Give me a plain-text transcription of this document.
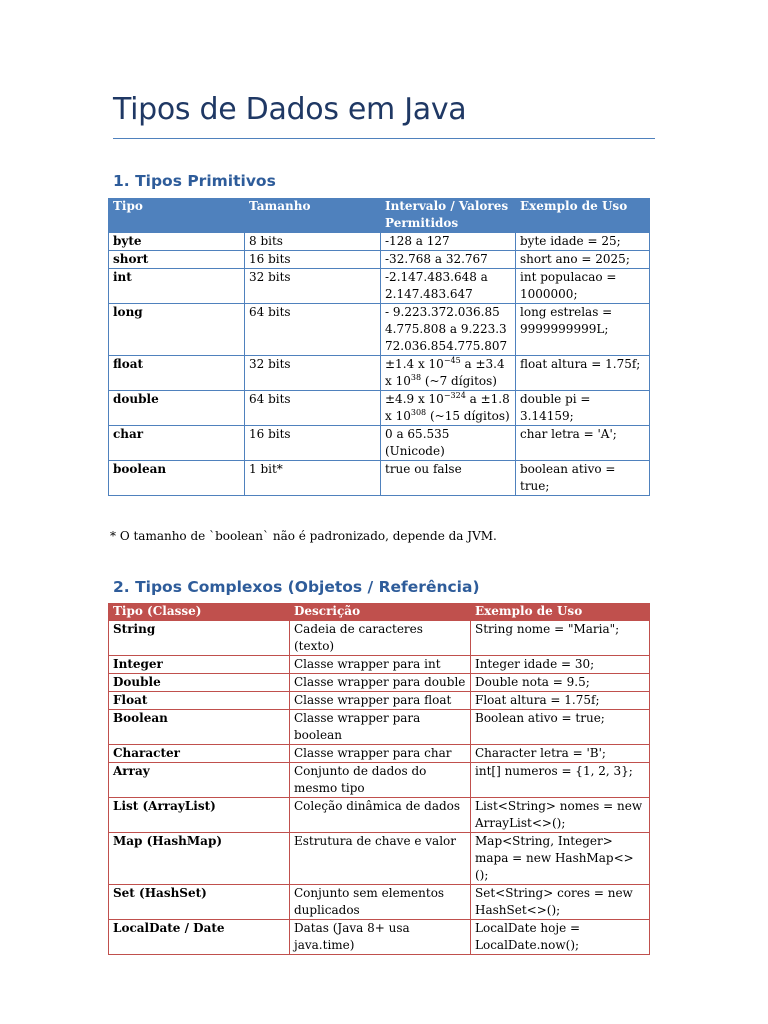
Tipos de Dados em Java
1. Tipos Primitivos
Tipo	Tamanho	Intervalo / Valores Permitidos	Exemplo de Uso
byte	8 bits	-128 a 127	byte idade = 25;
short	16 bits	-32.768 a 32.767	short ano = 2025;
int	32 bits	-2.147.483.648 a 2.147.483.647	int populacao = 1000000;
long	64 bits	- 9.223.372.036.854.775.808 a 9.223.372.036.854.775.807	long estrelas = 9999999999L;
float	32 bits	±1.4 x $10^{-45}$ a ±3.4 x $10^{38}$ (~7 dígitos)	float altura = 1.75f;
double	64 bits	±4.9 x $10^{-324}$ a ±1.8 x $10^{308}$ (~15 dígitos)	double pi = 3.14159;
char	16 bits	0 a 65.535 (Unicode)	char letra = 'A';
boolean	1 bit*	true ou false	boolean ativo = true;
* O tamanho de `boolean` não é padronizado, depende da JVM.
2. Tipos Complexos (Objetos / Referência)
Tipo (Classe)	Descrição	Exemplo de Uso
String	Cadeia de caracteres (texto)	String nome = "Maria";
Integer	Classe wrapper para int	Integer idade = 30;
Double	Classe wrapper para double	Double nota = 9.5;
Float	Classe wrapper para float	Float altura = 1.75f;
Boolean	Classe wrapper para boolean	Boolean ativo = true;
Character	Classe wrapper para char	Character letra = 'B';
Array	Conjunto de dados do mesmo tipo	int[] numeros = {1, 2, 3};
List (ArrayList)	Coleção dinâmica de dados	List<String> nomes = new ArrayList<>();
Map (HashMap)	Estrutura de chave e valor	Map<String, Integer> mapa = new HashMap<>();
Set (HashSet)	Conjunto sem elementos duplicados	Set<String> cores = new HashSet<>();
LocalDate / Date	Datas (Java 8+ usa java.time)	LocalDate hoje = LocalDate.now();
